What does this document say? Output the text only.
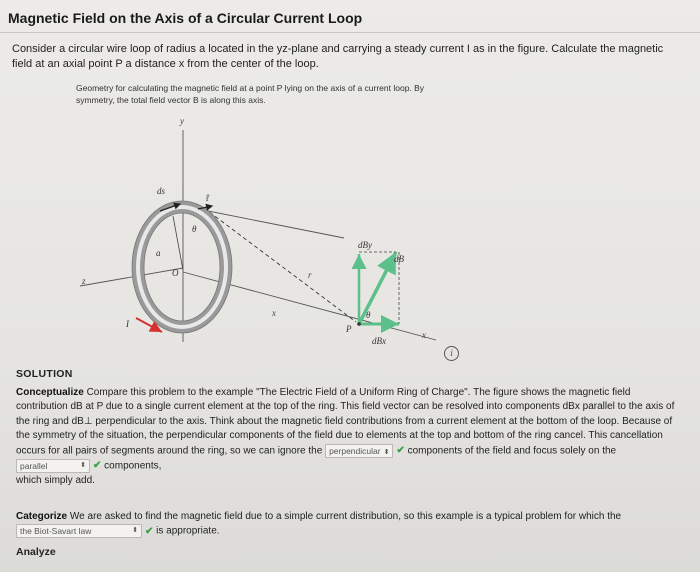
Magnetic Field on the Axis of a Circular Current Loop
Consider a circular wire loop of radius a located in the yz-plane and carrying a steady current I as in the figure. Calculate the magnetic field at an axial point P a distance x from the center of the loop.
Geometry for calculating the magnetic field at a point P lying on the axis of a current loop. By symmetry, the total field vector B is along this axis.
y
ds
r̂
θ
a
O
z
I
x
r
dBy
dB
θ
P
dBx
x
i
SOLUTION
Conceptualize Compare this problem to the example "The Electric Field of a Uniform Ring of Charge". The figure shows the magnetic field contribution dB at P due to a single current element at the top of the ring. This field vector can be resolved into components dBx parallel to the axis of the ring and dB⊥ perpendicular to the axis. Think about the magnetic field contributions from a current element at the bottom of the loop. Because of the symmetry of the situation, the perpendicular components of the field due to elements at the top and bottom of the ring cancel. This cancellation occurs for all pairs of segments around the ring, so we can ignore the perpendicular ⬍ ✔ components of the field and focus solely on the parallel	⬍ ✔ components,
which simply add.
Categorize We are asked to find the magnetic field due to a simple current distribution, so this example is a typical problem for which the the Biot-Savart law	⬍ ✔ is appropriate.
Analyze
